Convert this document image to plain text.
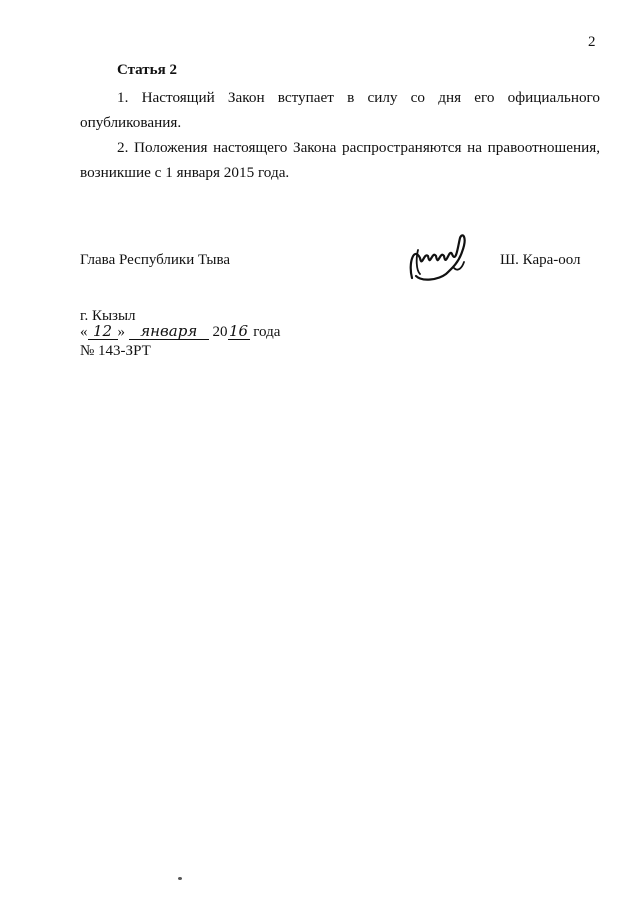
2
Статья 2

1. Настоящий Закон вступает в силу со дня его официального опубликования.

2. Положения настоящего Закона распространяются на правоотношения, возникшие с 1 января 2015 года.

Глава Республики Тыва	Ш. Кара-оол
г. Кызыл
« 12 » января 2016 года
№ 143-ЗРТ
